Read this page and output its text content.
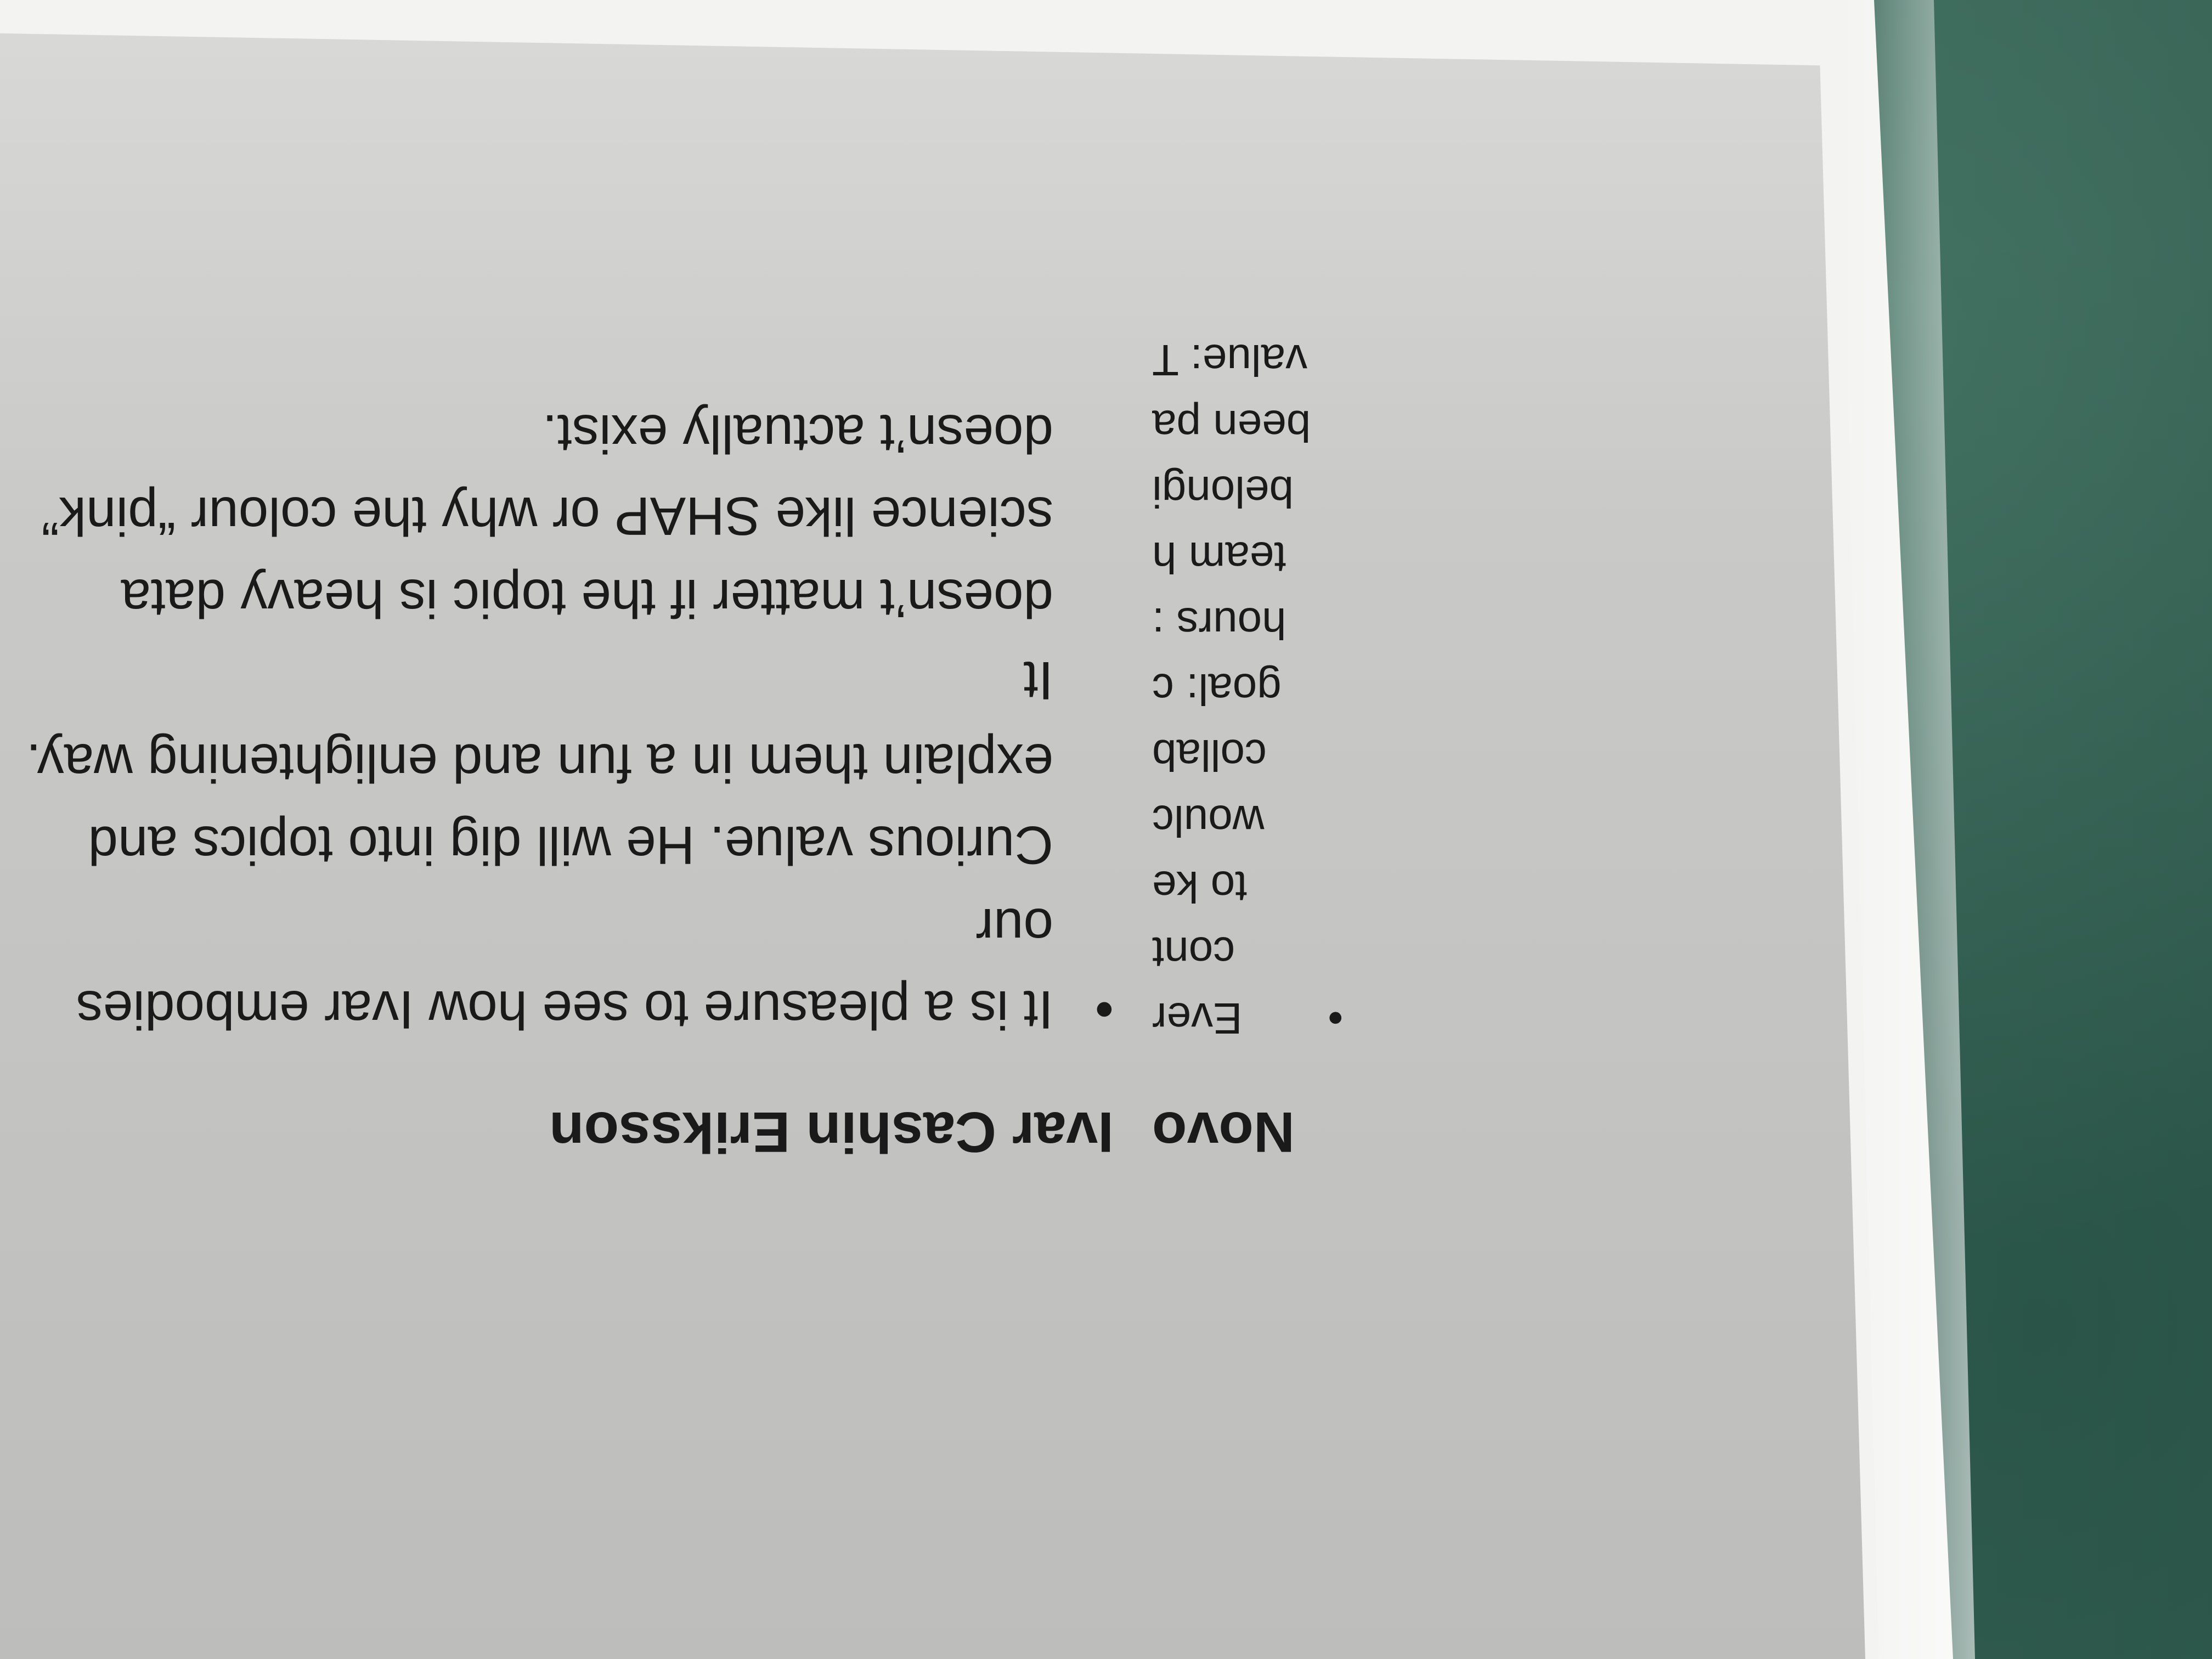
Novo
•
Ever
cont
to ke
woulc
collab
goal: c
hours :
team h
belongi
been pa
value: T
Ivar Cashin Eriksson
•
It is a pleasure to see how Ivar embodies our
Curious value. He will dig into topics and
explain them in a fun and enlightening way. It
doesn’t matter if the topic is heavy data
science like SHAP or why the colour “pink”
doesn’t actually exist.
